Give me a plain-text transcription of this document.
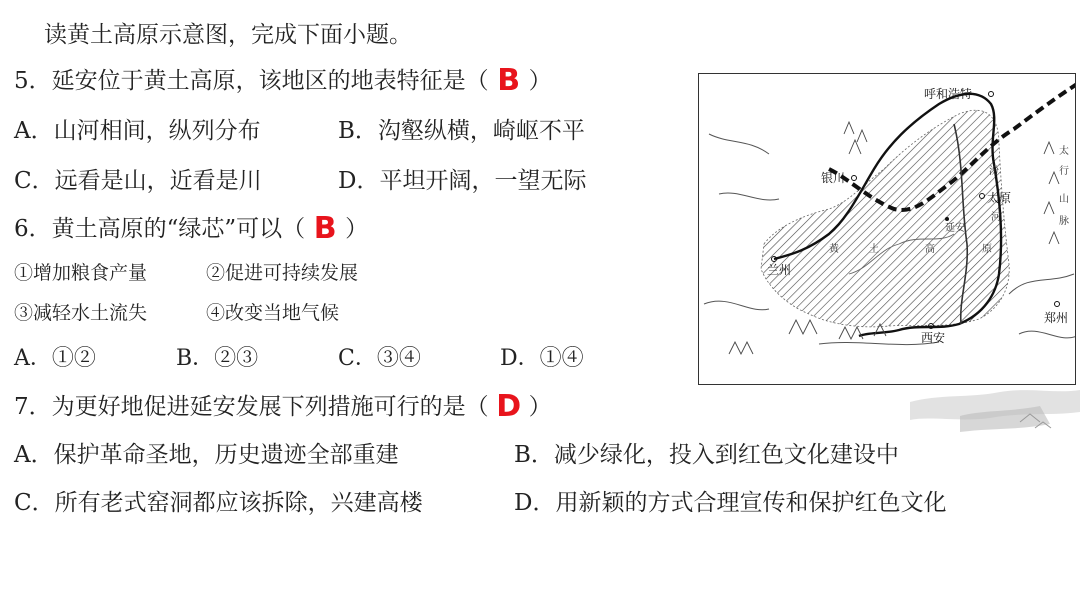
读黄土高原示意图，完成下面小题。
5．延安位于黄土高原，该地区的地表特征是（ B ）
A．山河相间，纵列分布	B．沟壑纵横，崎岖不平
C．远看是山，近看是川	D．平坦开阔，一望无际
6．黄土高原的“绿芯”可以（ B ）
①增加粮食产量	②促进可持续发展
③减轻水土流失	④改变当地气候
A．①②	B．②③	C．③④	D．①④
7．为更好地促进延安发展下列措施可行的是（ D ）
A．保护革命圣地，历史遗迹全部重建	B．减少绿化，投入到红色文化建设中
C．所有老式窑洞都应该拆除，兴建高楼	D．用新颖的方式合理宣传和保护红色文化
呼和浩特
银川
太原
延安
兰州
西安
郑州
黄	土	高	原
汾
河
太
行
山
脉
